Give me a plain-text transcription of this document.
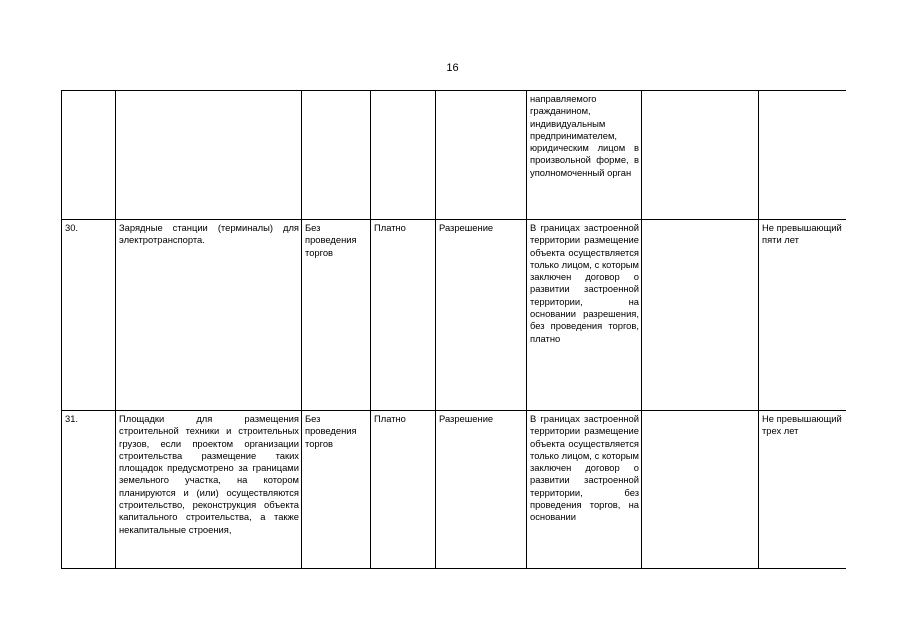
16

					направляемого гражданином, индивидуальным предпринимателем, юридическим лицом в произвольной форме, в уполномоченный орган		

30.	Зарядные станции (терминалы) для электротранспорта.	Без проведения торгов	Платно	Разрешение	В границах застроенной территории размещение объекта осуществляется только лицом, с которым заключен договор о развитии застроенной территории, на основании разрешения, без проведения торгов, платно		Не превышающий пяти лет
31.	Площадки для размещения строительной техники и строительных грузов, если проектом организации строительства размещение таких площадок предусмотрено за границами земельного участка, на котором планируются и (или) осуществляются строительство, реконструкция объекта капитального строительства, а также некапитальные строения,	Без проведения торгов	Платно	Разрешение	В границах застроенной территории размещение объекта осуществляется только лицом, с которым заключен договор о развитии застроенной территории, без проведения торгов, на основании		Не превышающий трех лет
